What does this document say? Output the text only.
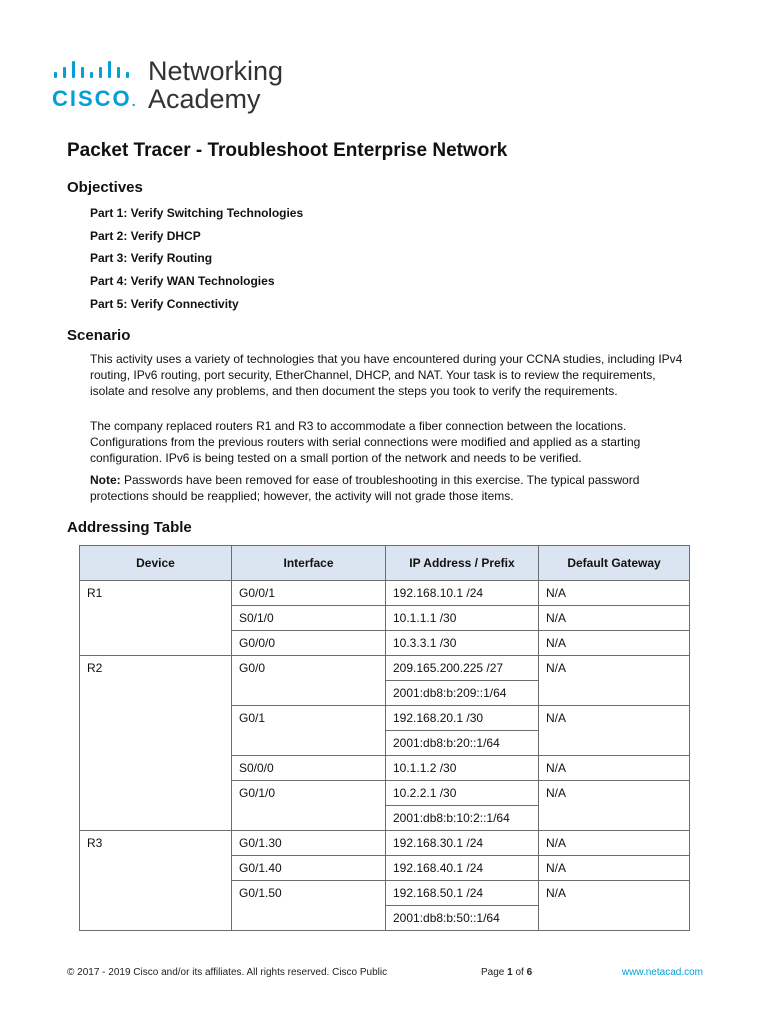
CISCO.
Networking
Academy
Packet Tracer - Troubleshoot Enterprise Network
Objectives
Part 1: Verify Switching Technologies
Part 2: Verify DHCP
Part 3: Verify Routing
Part 4: Verify WAN Technologies
Part 5: Verify Connectivity
Scenario

This activity uses a variety of technologies that you have encountered during your CCNA studies, including IPv4 routing, IPv6 routing, port security, EtherChannel, DHCP, and NAT. Your task is to review the requirements, isolate and resolve any problems, and then document the steps you took to verify the requirements.

The company replaced routers R1 and R3 to accommodate a fiber connection between the locations. Configurations from the previous routers with serial connections were modified and applied as a starting configuration. IPv6 is being tested on a small portion of the network and needs to be verified.

Note: Passwords have been removed for ease of troubleshooting in this exercise. The typical password protections should be reapplied; however, the activity will not grade those items.

Addressing Table
Device	Interface	IP Address / Prefix	Default Gateway
R1	G0/0/1	192.168.10.1 /24	N/A
	S0/1/0	10.1.1.1 /30	N/A
	G0/0/0	10.3.3.1 /30	N/A
R2	G0/0	209.165.200.225 /27	N/A
		2001:db8:b:209::1/64	
	G0/1	192.168.20.1 /30	N/A
		2001:db8:b:20::1/64	
	S0/0/0	10.1.1.2 /30	N/A
	G0/1/0	10.2.2.1 /30	N/A
		2001:db8:b:10:2::1/64	
R3	G0/1.30	192.168.30.1 /24	N/A
	G0/1.40	192.168.40.1 /24	N/A
	G0/1.50	192.168.50.1 /24	N/A
		2001:db8:b:50::1/64	
© 2017 - 2019 Cisco and/or its affiliates. All rights reserved. Cisco Public	Page 1 of 6	www.netacad.com
